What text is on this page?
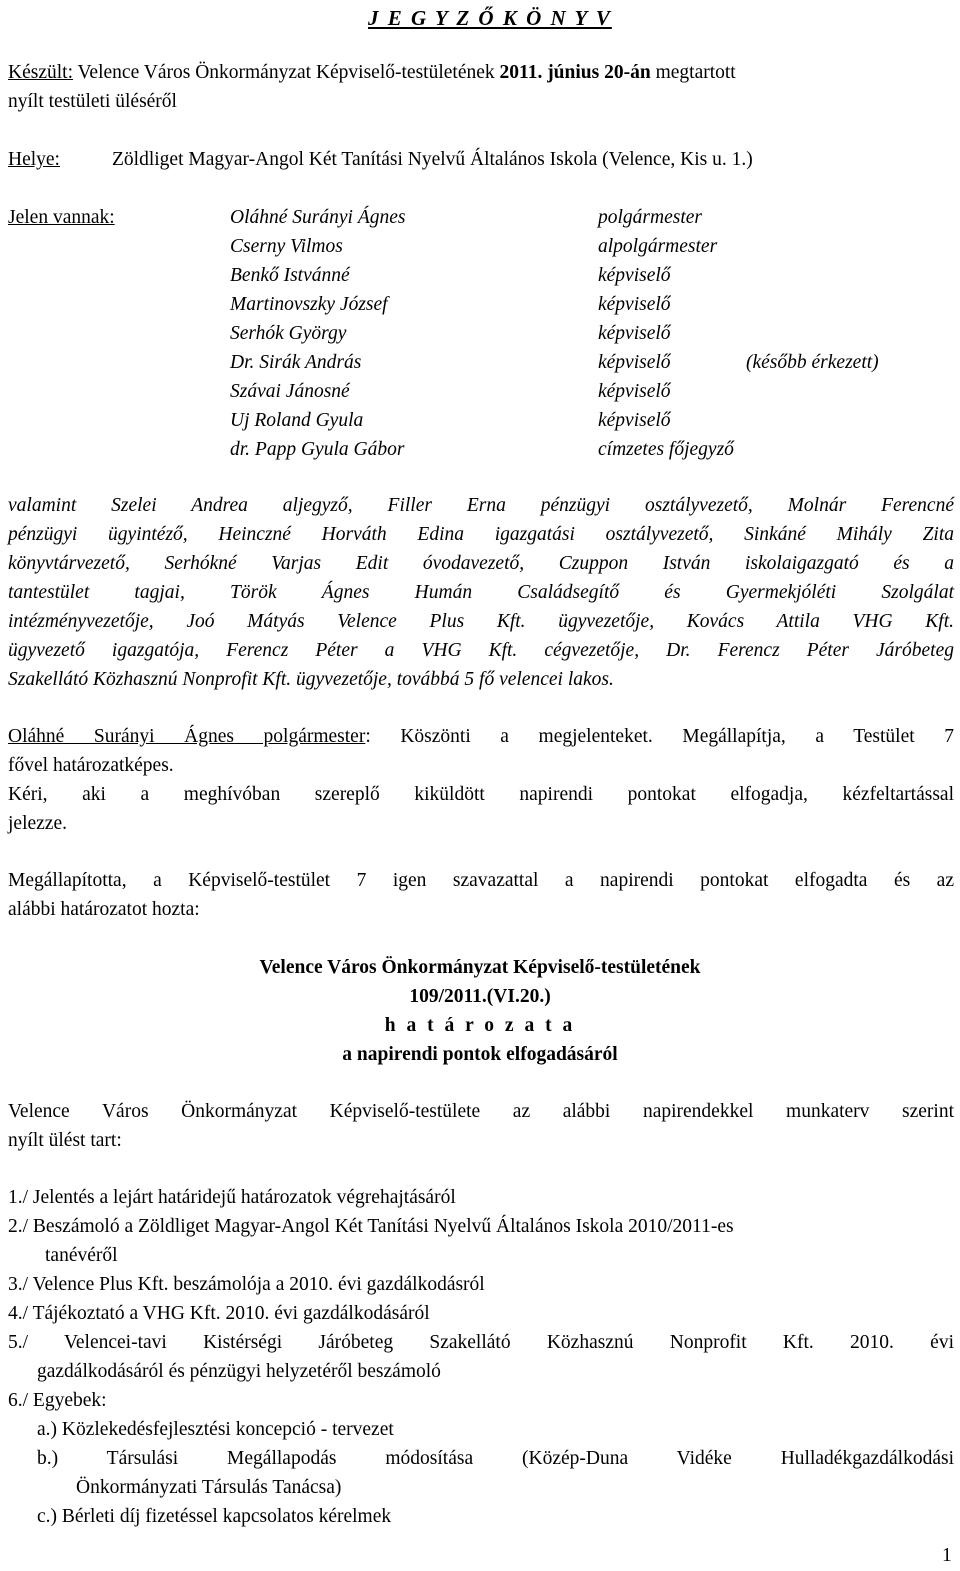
J E G Y Z Ő K Ö N Y V
Készült: Velence Város Önkormányzat Képviselő-testületének 2011. június 20-án megtartott
nyílt testületi üléséről
Helye:	Zöldliget Magyar-Angol Két Tanítási Nyelvű Általános Iskola (Velence, Kis u. 1.)
Jelen vannak:	Oláhné Surányi Ágnes	polgármester
Cserny Vilmos	alpolgármester
Benkő Istvánné	képviselő
Martinovszky József	képviselő
Serhók György	képviselő
Dr. Sirák András	képviselő	(később érkezett)
Szávai Jánosné	képviselő
Uj Roland Gyula	képviselő
dr. Papp Gyula Gábor	címzetes főjegyző
valamint Szelei Andrea aljegyző, Filler Erna pénzügyi osztályvezető, Molnár Ferencné
pénzügyi ügyintéző, Heinczné Horváth Edina igazgatási osztályvezető, Sinkáné Mihály Zita
könyvtárvezető, Serhókné Varjas Edit óvodavezető, Czuppon István iskolaigazgató és a
tantestület tagjai, Török Ágnes Humán Családsegítő és Gyermekjóléti Szolgálat
intézményvezetője, Joó Mátyás Velence Plus Kft. ügyvezetője, Kovács Attila VHG Kft.
ügyvezető igazgatója, Ferencz Péter a VHG Kft. cégvezetője, Dr. Ferencz Péter Járóbeteg
Szakellátó Közhasznú Nonprofit Kft. ügyvezetője, továbbá 5 fő velencei lakos.
Oláhné Surányi Ágnes polgármester: Köszönti a megjelenteket. Megállapítja, a Testület 7
fővel határozatképes.
Kéri, aki a meghívóban szereplő kiküldött napirendi pontokat elfogadja, kézfeltartással
jelezze.
Megállapította, a Képviselő-testület 7 igen szavazattal a napirendi pontokat elfogadta és az
alábbi határozatot hozta:
Velence Város Önkormányzat Képviselő-testületének
109/2011.(VI.20.)
h a t á r o z a t a
a napirendi pontok elfogadásáról
Velence Város Önkormányzat Képviselő-testülete az alábbi napirendekkel munkaterv szerint
nyílt ülést tart:
1./ Jelentés a lejárt határidejű határozatok végrehajtásáról
2./ Beszámoló a Zöldliget Magyar-Angol Két Tanítási Nyelvű Általános Iskola 2010/2011-es
tanévéről
3./ Velence Plus Kft. beszámolója a 2010. évi gazdálkodásról
4./ Tájékoztató a VHG Kft. 2010. évi gazdálkodásáról
5./ Velencei-tavi Kistérségi Járóbeteg Szakellátó Közhasznú Nonprofit Kft. 2010. évi
gazdálkodásáról és pénzügyi helyzetéről beszámoló
6./ Egyebek:
a.) Közlekedésfejlesztési koncepció - tervezet
b.) Társulási Megállapodás módosítása (Közép-Duna Vidéke Hulladékgazdálkodási
Önkormányzati Társulás Tanácsa)
c.) Bérleti díj fizetéssel kapcsolatos kérelmek
1
